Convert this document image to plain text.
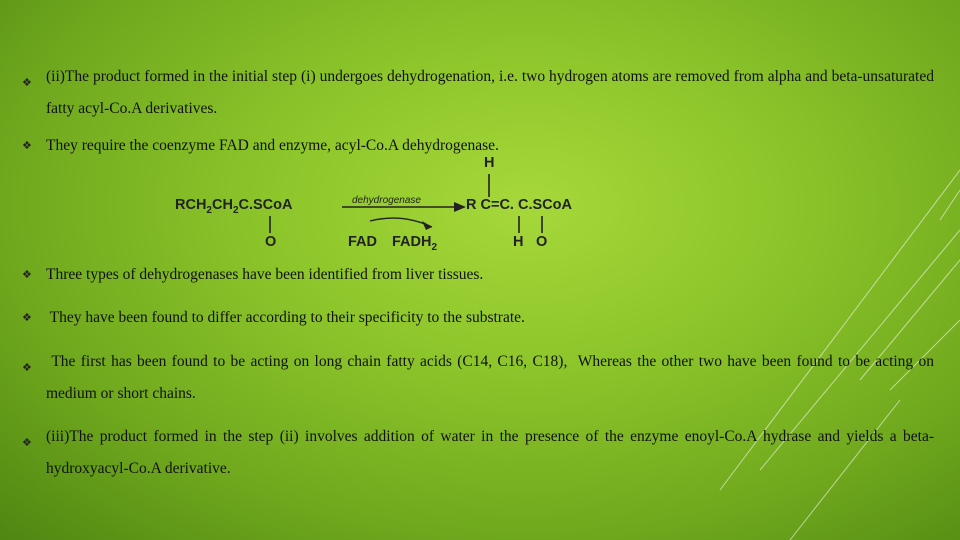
❖ (ii)The product formed in the initial step (i) undergoes dehydrogenation, i.e. two hydrogen atoms are removed from alpha and beta-unsaturated fatty acyl-Co.A derivatives.
❖ They require the coenzyme FAD and enzyme, acyl-Co.A dehydrogenase.
H
$RCH_2CH_2C.SCoA$	dehydrogenase	R C=C. C.SCoA
O	FAD $FADH_2$	H O
❖ Three types of dehydrogenases have been identified from liver tissues.
❖ They have been found to differ according to their specificity to the substrate.
❖ The first has been found to be acting on long chain fatty acids (C14, C16, C18),  Whereas the other two have been found to be acting on medium or short chains.
❖ (iii)The product formed in the step (ii) involves addition of water in the presence of the enzyme enoyl-Co.A hydrase and yields a beta-hydroxyacyl-Co.A derivative.
